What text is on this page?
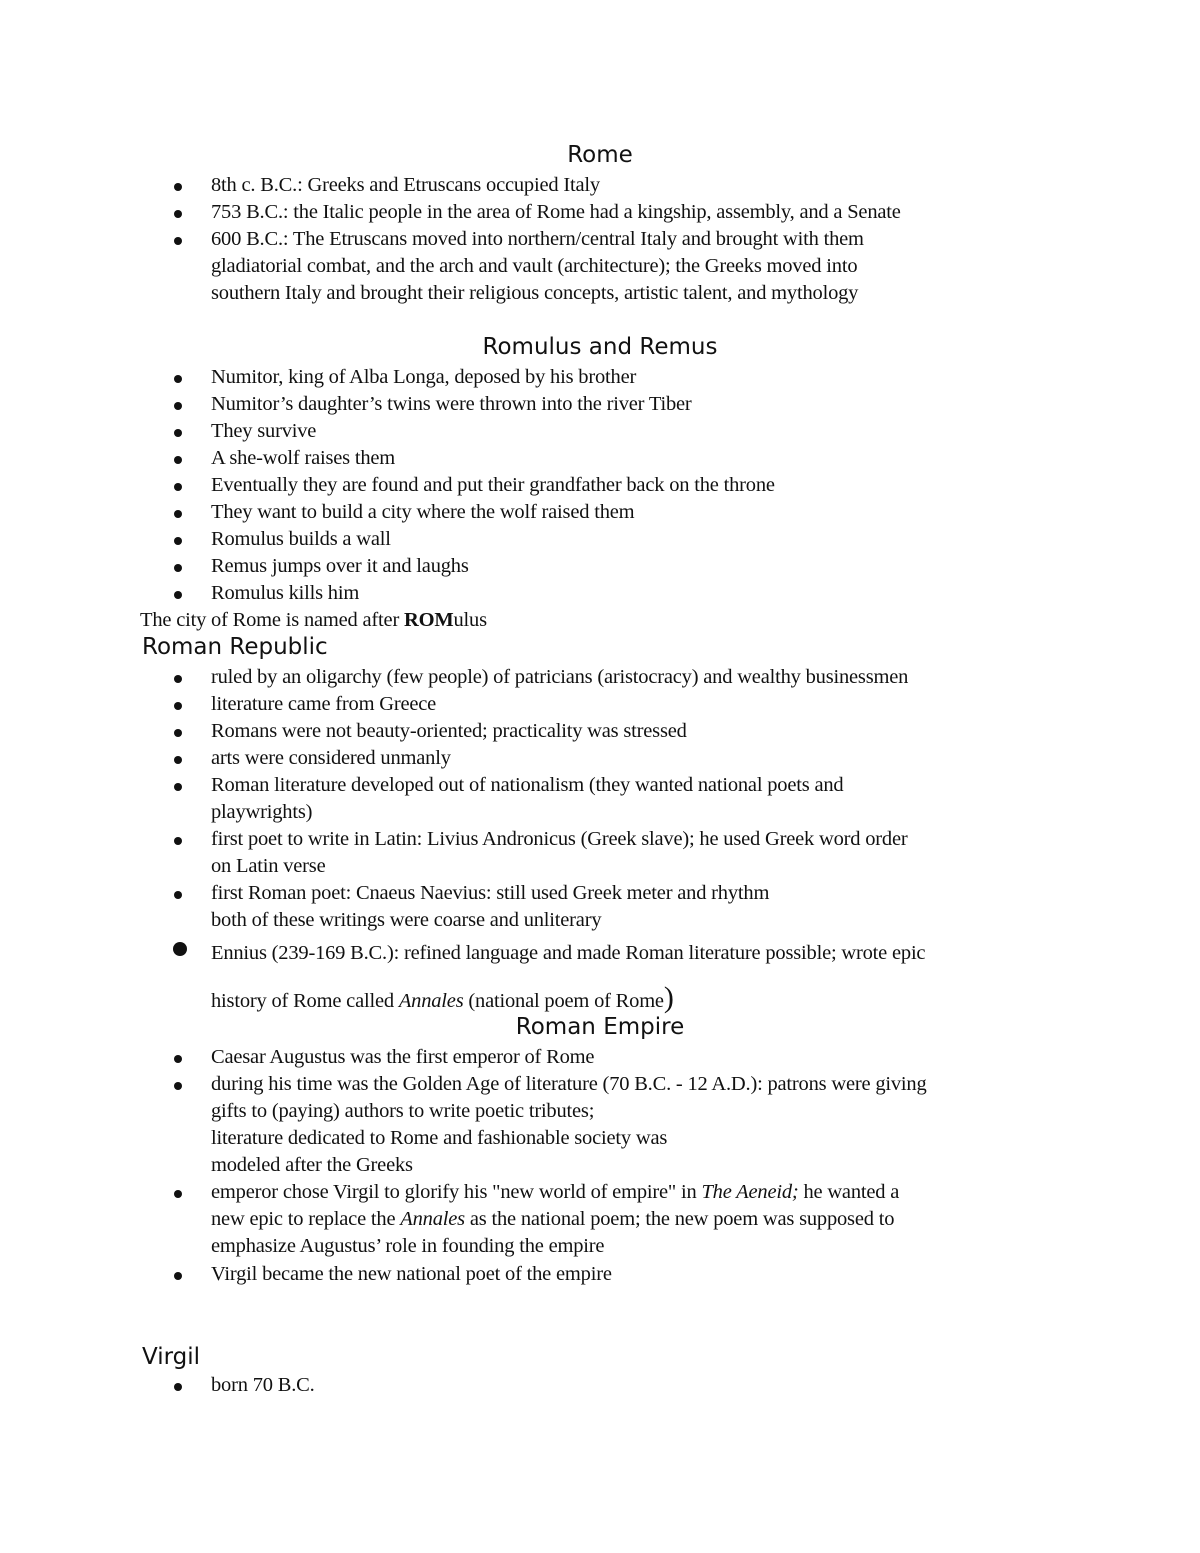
Rome
8th c. B.C.: Greeks and Etruscans occupied Italy
753 B.C.: the Italic people in the area of Rome had a kingship, assembly, and a Senate
600 B.C.: The Etruscans moved into northern/central Italy and brought with them
gladiatorial combat, and the arch and vault (architecture); the Greeks moved into
southern Italy and brought their religious concepts, artistic talent, and mythology
Romulus and Remus
Numitor, king of Alba Longa, deposed by his brother
Numitor’s daughter’s twins were thrown into the river Tiber
They survive
A she-wolf raises them
Eventually they are found and put their grandfather back on the throne
They want to build a city where the wolf raised them
Romulus builds a wall
Remus jumps over it and laughs
Romulus kills him
The city of Rome is named after ROMulus
Roman Republic
ruled by an oligarchy (few people) of patricians (aristocracy) and wealthy businessmen
literature came from Greece
Romans were not beauty-oriented; practicality was stressed
arts were considered unmanly
Roman literature developed out of nationalism (they wanted national poets and
playwrights)
first poet to write in Latin: Livius Andronicus (Greek slave); he used Greek word order
on Latin verse
first Roman poet: Cnaeus Naevius: still used Greek meter and rhythm
both of these writings were coarse and unliterary
Ennius (239-169 B.C.): refined language and made Roman literature possible; wrote epic
history of Rome called Annales (national poem of Rome)
Roman Empire
Caesar Augustus was the first emperor of Rome
during his time was the Golden Age of literature (70 B.C. - 12 A.D.): patrons were giving
gifts to (paying) authors to write poetic tributes;
literature dedicated to Rome and fashionable society was
modeled after the Greeks
emperor chose Virgil to glorify his "new world of empire" in The Aeneid; he wanted a
new epic to replace the Annales as the national poem; the new poem was supposed to
emphasize Augustus’ role in founding the empire
Virgil became the new national poet of the empire
Virgil
born 70 B.C.
